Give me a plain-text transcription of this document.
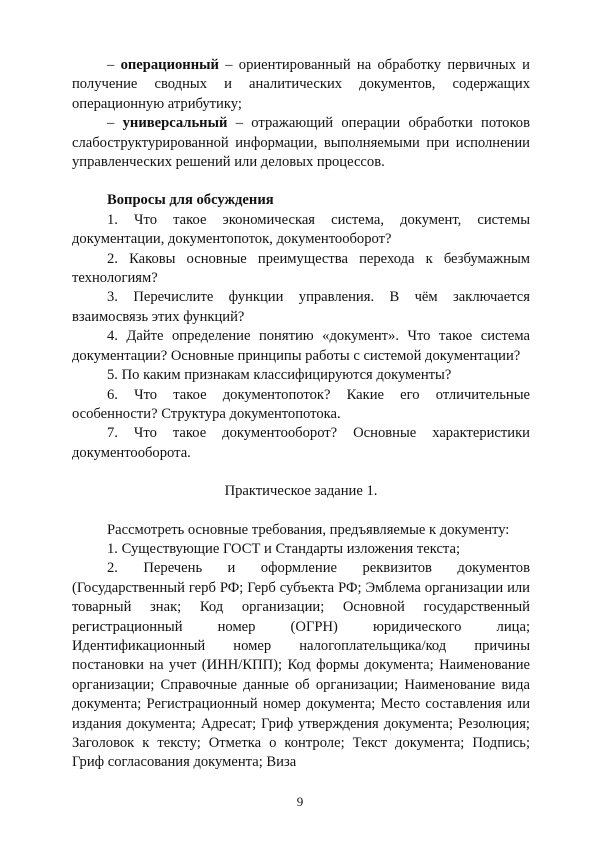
– операционный – ориентированный на обработку первичных и получение сводных и аналитических документов, содержащих операционную атрибутику;

– универсальный – отражающий операции обработки потоков слабоструктурированной информации, выполняемыми при исполнении управленческих решений или деловых процессов.

Вопросы для обсуждения

1. Что такое экономическая система, документ, системы документации, документопоток, документооборот?

2. Каковы основные преимущества перехода к безбумажным технологиям?

3. Перечислите функции управления. В чём заключается взаимосвязь этих функций?

4. Дайте определение понятию «документ». Что такое система документации? Основные принципы работы с системой документации?

5. По каким признакам классифицируются документы?

6. Что такое документопоток? Какие его отличительные особенности? Структура документопотока.

7. Что такое документооборот? Основные характеристики документооборота.

Практическое задание 1.

Рассмотреть основные требования, предъявляемые к документу:

1. Существующие ГОСТ и Стандарты изложения текста;

2. Перечень и оформление реквизитов документов (Государственный герб РФ; Герб субъекта РФ; Эмблема организации или товарный знак; Код организации; Основной государственный регистрационный номер (ОГРН) юридического лица; Идентификационный номер налогоплательщика/код причины постановки на учет (ИНН/КПП); Код формы документа; Наименование организации; Справочные данные об организации; Наименование вида документа; Регистрационный номер документа; Место составления или издания документа; Адресат; Гриф утверждения документа; Резолюция; Заголовок к тексту; Отметка о контроле; Текст документа; Подпись; Гриф согласования документа; Виза

9
